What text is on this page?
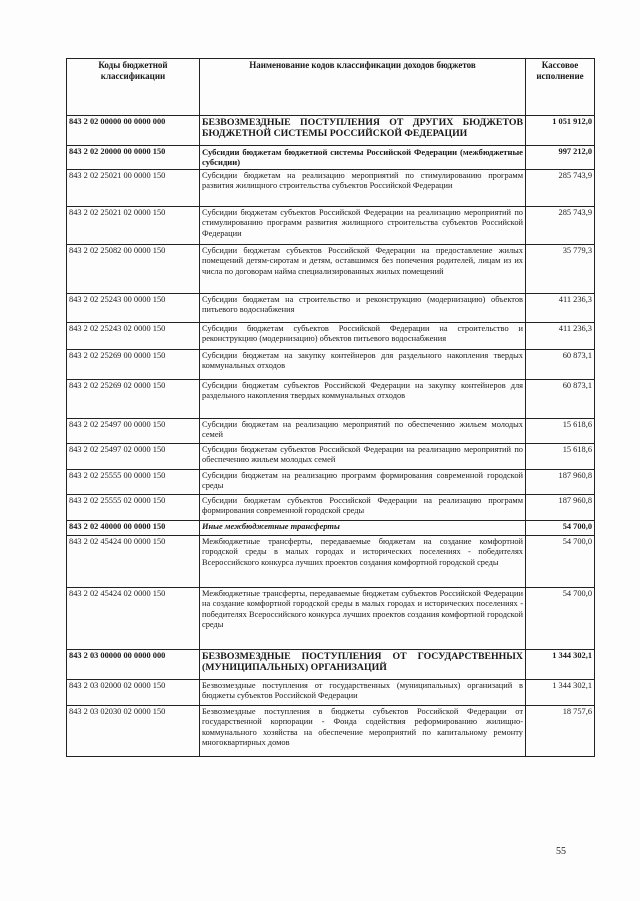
Коды бюджетной классификации	Наименование кодов классификации доходов бюджетов	Кассовое исполнение
843 2 02 00000 00 0000 000	БЕЗВОЗМЕЗДНЫЕ ПОСТУПЛЕНИЯ ОТ ДРУГИХ БЮДЖЕТОВ БЮДЖЕТНОЙ СИСТЕМЫ РОССИЙСКОЙ ФЕДЕРАЦИИ	1 051 912,0
843 2 02 20000 00 0000 150	Субсидии бюджетам бюджетной системы Российской Федерации (межбюджетные субсидии)	997 212,0
843 2 02 25021 00 0000 150	Субсидии бюджетам на реализацию мероприятий по стимулированию программ развития жилищного строительства субъектов Российской Федерации	285 743,9
843 2 02 25021 02 0000 150	Субсидии бюджетам субъектов Российской Федерации на реализацию мероприятий по стимулированию программ развития жилищного строительства субъектов Российской Федерации	285 743,9
843 2 02 25082 00 0000 150	Субсидии бюджетам субъектов Российской Федерации на предоставление жилых помещений детям-сиротам и детям, оставшимся без попечения родителей, лицам из их числа по договорам найма специализированных жилых помещений	35 779,3
843 2 02 25243 00 0000 150	Субсидии бюджетам на строительство и реконструкцию (модернизацию) объектов питьевого водоснабжения	411 236,3
843 2 02 25243 02 0000 150	Субсидии бюджетам субъектов Российской Федерации на строительство и реконструкцию (модернизацию) объектов питьевого водоснабжения	411 236,3
843 2 02 25269 00 0000 150	Субсидии бюджетам на закупку контейнеров для раздельного накопления твердых коммунальных отходов	60 873,1
843 2 02 25269 02 0000 150	Субсидии бюджетам субъектов Российской Федерации на закупку контейнеров для раздельного накопления твердых коммунальных отходов	60 873,1
843 2 02 25497 00 0000 150	Субсидии бюджетам на реализацию мероприятий по обеспечению жильем молодых семей	15 618,6
843 2 02 25497 02 0000 150	Субсидии бюджетам субъектов Российской Федерации на реализацию мероприятий по обеспечению жильем молодых семей	15 618,6
843 2 02 25555 00 0000 150	Субсидии бюджетам на реализацию программ формирования современной городской среды	187 960,8
843 2 02 25555 02 0000 150	Субсидии бюджетам субъектов Российской Федерации на реализацию программ формирования современной городской среды	187 960,8
843 2 02 40000 00 0000 150	Иные межбюджетные трансферты	54 700,0
843 2 02 45424 00 0000 150	Межбюджетные трансферты, передаваемые бюджетам на создание комфортной городской среды в малых городах и исторических поселениях - победителях Всероссийского конкурса лучших проектов создания комфортной городской среды	54 700,0
843 2 02 45424 02 0000 150	Межбюджетные трансферты, передаваемые бюджетам субъектов Российской Федерации на создание комфортной городской среды в малых городах и исторических поселениях - победителях Всероссийского конкурса лучших проектов создания комфортной городской среды	54 700,0
843 2 03 00000 00 0000 000	БЕЗВОЗМЕЗДНЫЕ ПОСТУПЛЕНИЯ ОТ ГОСУДАРСТВЕННЫХ (МУНИЦИПАЛЬНЫХ) ОРГАНИЗАЦИЙ	1 344 302,1
843 2 03 02000 02 0000 150	Безвозмездные поступления от государственных (муниципальных) организаций в бюджеты субъектов Российской Федерации	1 344 302,1
843 2 03 02030 02 0000 150	Безвозмездные поступления в бюджеты субъектов Российской Федерации от государственной корпорации - Фонда содействия реформированию жилищно-коммунального хозяйства на обеспечение мероприятий по капитальному ремонту многоквартирных домов	18 757,6
55
